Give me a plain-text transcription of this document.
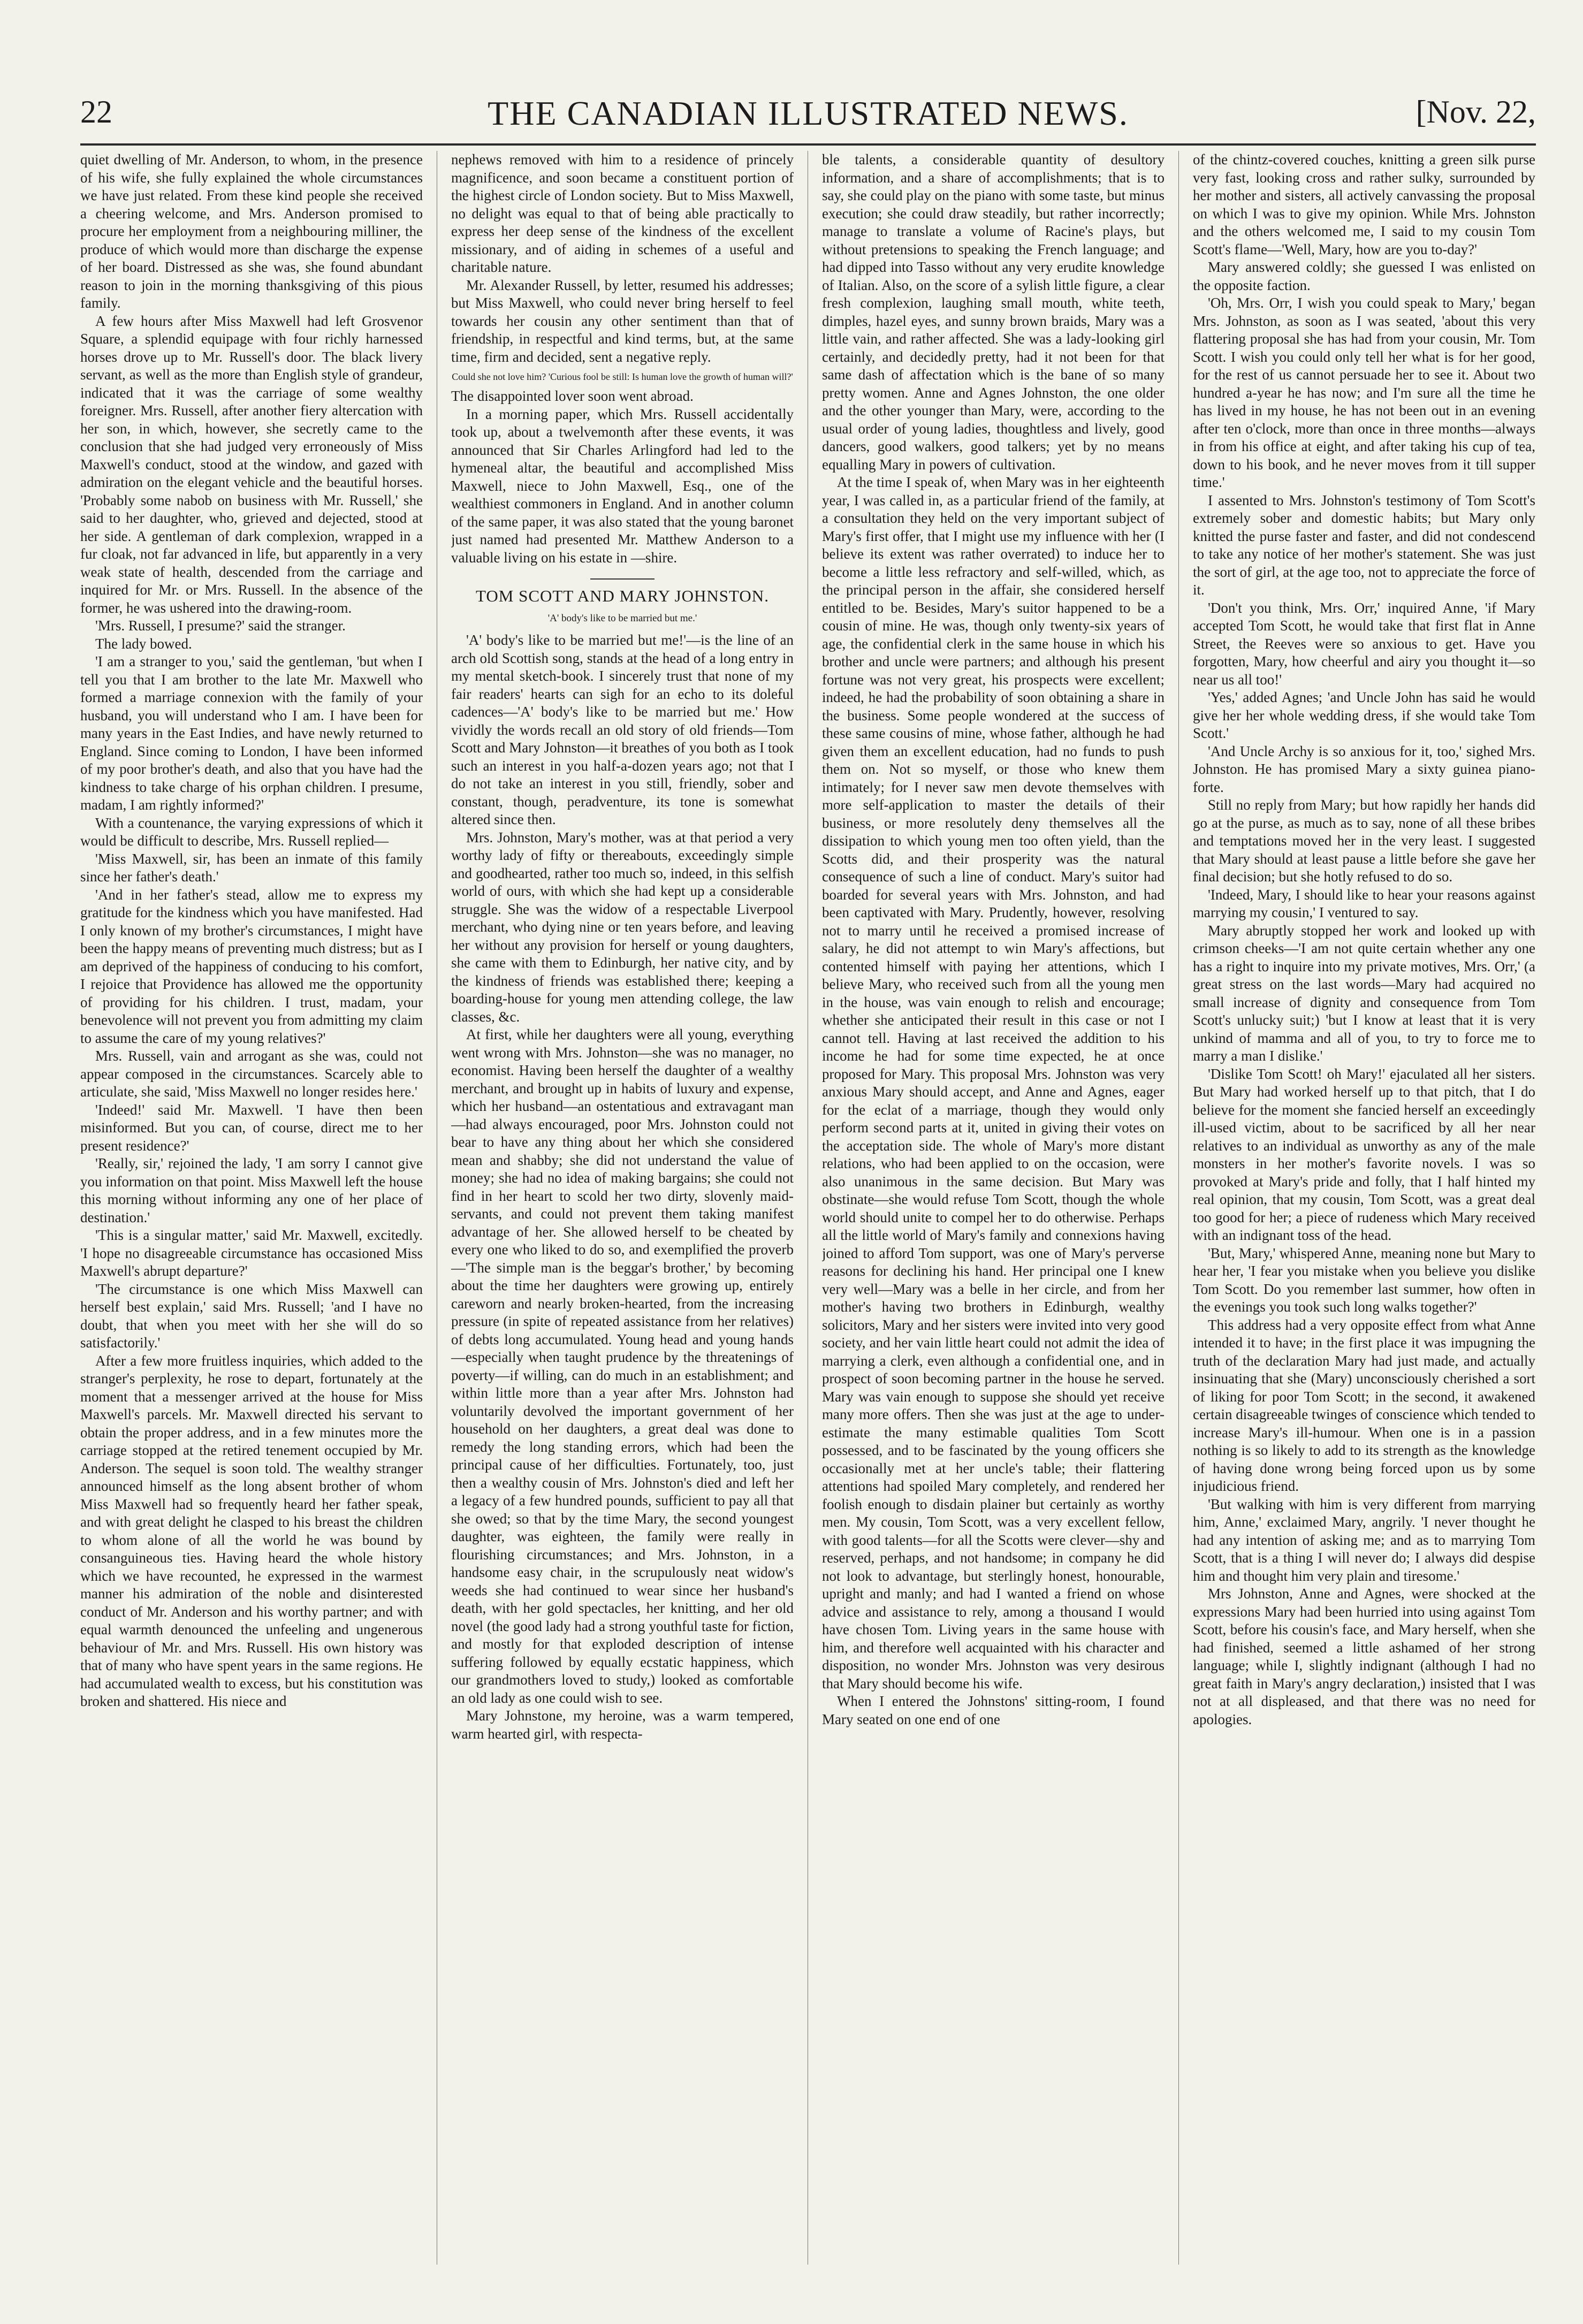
22	THE CANADIAN ILLUSTRATED NEWS.	[Nov. 22,

quiet dwelling of Mr. Anderson, to whom, in the presence of his wife, she fully explained the whole circumstances we have just related. From these kind people she received a cheering welcome, and Mrs. Anderson promised to procure her employment from a neighbouring milliner, the produce of which would more than discharge the expense of her board. Distressed as she was, she found abundant reason to join in the morning thanksgiving of this pious family.

A few hours after Miss Maxwell had left Grosvenor Square, a splendid equipage with four richly harnessed horses drove up to Mr. Russell's door. The black livery servant, as well as the more than English style of grandeur, indicated that it was the carriage of some wealthy foreigner. Mrs. Russell, after another fiery altercation with her son, in which, however, she secretly came to the conclusion that she had judged very erroneously of Miss Maxwell's conduct, stood at the window, and gazed with admiration on the elegant vehicle and the beautiful horses. 'Probably some nabob on business with Mr. Russell,' she said to her daughter, who, grieved and dejected, stood at her side. A gentleman of dark complexion, wrapped in a fur cloak, not far advanced in life, but apparently in a very weak state of health, descended from the carriage and inquired for Mr. or Mrs. Russell. In the absence of the former, he was ushered into the drawing-room.

'Mrs. Russell, I presume?' said the stranger.

The lady bowed.

'I am a stranger to you,' said the gentleman, 'but when I tell you that I am brother to the late Mr. Maxwell who formed a marriage connexion with the family of your husband, you will understand who I am. I have been for many years in the East Indies, and have newly returned to England. Since coming to London, I have been informed of my poor brother's death, and also that you have had the kindness to take charge of his orphan children. I presume, madam, I am rightly informed?'

With a countenance, the varying expressions of which it would be difficult to describe, Mrs. Russell replied—

'Miss Maxwell, sir, has been an inmate of this family since her father's death.'

'And in her father's stead, allow me to express my gratitude for the kindness which you have manifested. Had I only known of my brother's circumstances, I might have been the happy means of preventing much distress; but as I am deprived of the happiness of conducing to his comfort, I rejoice that Providence has allowed me the opportunity of providing for his children. I trust, madam, your benevolence will not prevent you from admitting my claim to assume the care of my young relatives?'

Mrs. Russell, vain and arrogant as she was, could not appear composed in the circumstances. Scarcely able to articulate, she said, 'Miss Maxwell no longer resides here.'

'Indeed!' said Mr. Maxwell. 'I have then been misinformed. But you can, of course, direct me to her present residence?'

'Really, sir,' rejoined the lady, 'I am sorry I cannot give you information on that point. Miss Maxwell left the house this morning without informing any one of her place of destination.'

'This is a singular matter,' said Mr. Maxwell, excitedly. 'I hope no disagreeable circumstance has occasioned Miss Maxwell's abrupt departure?'

'The circumstance is one which Miss Maxwell can herself best explain,' said Mrs. Russell; 'and I have no doubt, that when you meet with her she will do so satisfactorily.'

After a few more fruitless inquiries, which added to the stranger's perplexity, he rose to depart, fortunately at the moment that a messenger arrived at the house for Miss Maxwell's parcels. Mr. Maxwell directed his servant to obtain the proper address, and in a few minutes more the carriage stopped at the retired tenement occupied by Mr. Anderson. The sequel is soon told. The wealthy stranger announced himself as the long absent brother of whom Miss Maxwell had so frequently heard her father speak, and with great delight he clasped to his breast the children to whom alone of all the world he was bound by consanguineous ties. Having heard the whole history which we have recounted, he expressed in the warmest manner his admiration of the noble and disinterested conduct of Mr. Anderson and his worthy partner; and with equal warmth denounced the unfeeling and ungenerous behaviour of Mr. and Mrs. Russell. His own history was that of many who have spent years in the same regions. He had accumulated wealth to excess, but his constitution was broken and shattered. His niece and

nephews removed with him to a residence of princely magnificence, and soon became a constituent portion of the highest circle of London society. But to Miss Maxwell, no delight was equal to that of being able practically to express her deep sense of the kindness of the excellent missionary, and of aiding in schemes of a useful and charitable nature.

Mr. Alexander Russell, by letter, resumed his addresses; but Miss Maxwell, who could never bring herself to feel towards her cousin any other sentiment than that of friendship, in respectful and kind terms, but, at the same time, firm and decided, sent a negative reply.

Could she not love him? 'Curious fool be still: Is human love the growth of human will?'

The disappointed lover soon went abroad.

In a morning paper, which Mrs. Russell accidentally took up, about a twelvemonth after these events, it was announced that Sir Charles Arlingford had led to the hymeneal altar, the beautiful and accomplished Miss Maxwell, niece to John Maxwell, Esq., one of the wealthiest commoners in England. And in another column of the same paper, it was also stated that the young baronet just named had presented Mr. Matthew Anderson to a valuable living on his estate in —shire.

TOM SCOTT AND MARY JOHNSTON.

'A' body's like to be married but me.'

'A' body's like to be married but me!'—is the line of an arch old Scottish song, stands at the head of a long entry in my mental sketch-book. I sincerely trust that none of my fair readers' hearts can sigh for an echo to its doleful cadences—'A' body's like to be married but me.' How vividly the words recall an old story of old friends—Tom Scott and Mary Johnston—it breathes of you both as I took such an interest in you half-a-dozen years ago; not that I do not take an interest in you still, friendly, sober and constant, though, peradventure, its tone is somewhat altered since then.

Mrs. Johnston, Mary's mother, was at that period a very worthy lady of fifty or thereabouts, exceedingly simple and goodhearted, rather too much so, indeed, in this selfish world of ours, with which she had kept up a considerable struggle. She was the widow of a respectable Liverpool merchant, who dying nine or ten years before, and leaving her without any provision for herself or young daughters, she came with them to Edinburgh, her native city, and by the kindness of friends was established there; keeping a boarding-house for young men attending college, the law classes, &c.

At first, while her daughters were all young, everything went wrong with Mrs. Johnston—she was no manager, no economist. Having been herself the daughter of a wealthy merchant, and brought up in habits of luxury and expense, which her husband—an ostentatious and extravagant man—had always encouraged, poor Mrs. Johnston could not bear to have any thing about her which she considered mean and shabby; she did not understand the value of money; she had no idea of making bargains; she could not find in her heart to scold her two dirty, slovenly maid-servants, and could not prevent them taking manifest advantage of her. She allowed herself to be cheated by every one who liked to do so, and exemplified the proverb—'The simple man is the beggar's brother,' by becoming about the time her daughters were growing up, entirely careworn and nearly broken-hearted, from the increasing pressure (in spite of repeated assistance from her relatives) of debts long accumulated. Young head and young hands —especially when taught prudence by the threatenings of poverty—if willing, can do much in an establishment; and within little more than a year after Mrs. Johnston had voluntarily devolved the important government of her household on her daughters, a great deal was done to remedy the long standing errors, which had been the principal cause of her difficulties. Fortunately, too, just then a wealthy cousin of Mrs. Johnston's died and left her a legacy of a few hundred pounds, sufficient to pay all that she owed; so that by the time Mary, the second youngest daughter, was eighteen, the family were really in flourishing circumstances; and Mrs. Johnston, in a handsome easy chair, in the scrupulously neat widow's weeds she had continued to wear since her husband's death, with her gold spectacles, her knitting, and her old novel (the good lady had a strong youthful taste for fiction, and mostly for that exploded description of intense suffering followed by equally ecstatic happiness, which our grandmothers loved to study,) looked as comfortable an old lady as one could wish to see.

Mary Johnstone, my heroine, was a warm tempered, warm hearted girl, with respecta-

ble talents, a considerable quantity of desultory information, and a share of accomplishments; that is to say, she could play on the piano with some taste, but minus execution; she could draw steadily, but rather incorrectly; manage to translate a volume of Racine's plays, but without pretensions to speaking the French language; and had dipped into Tasso without any very erudite knowledge of Italian. Also, on the score of a sylish little figure, a clear fresh complexion, laughing small mouth, white teeth, dimples, hazel eyes, and sunny brown braids, Mary was a little vain, and rather affected. She was a lady-looking girl certainly, and decidedly pretty, had it not been for that same dash of affectation which is the bane of so many pretty women. Anne and Agnes Johnston, the one older and the other younger than Mary, were, according to the usual order of young ladies, thoughtless and lively, good dancers, good walkers, good talkers; yet by no means equalling Mary in powers of cultivation.

At the time I speak of, when Mary was in her eighteenth year, I was called in, as a particular friend of the family, at a consultation they held on the very important subject of Mary's first offer, that I might use my influence with her (I believe its extent was rather overrated) to induce her to become a little less refractory and self-willed, which, as the principal person in the affair, she considered herself entitled to be. Besides, Mary's suitor happened to be a cousin of mine. He was, though only twenty-six years of age, the confidential clerk in the same house in which his brother and uncle were partners; and although his present fortune was not very great, his prospects were excellent; indeed, he had the probability of soon obtaining a share in the business. Some people wondered at the success of these same cousins of mine, whose father, although he had given them an excellent education, had no funds to push them on. Not so myself, or those who knew them intimately; for I never saw men devote themselves with more self-application to master the details of their business, or more resolutely deny themselves all the dissipation to which young men too often yield, than the Scotts did, and their prosperity was the natural consequence of such a line of conduct. Mary's suitor had boarded for several years with Mrs. Johnston, and had been captivated with Mary. Prudently, however, resolving not to marry until he received a promised increase of salary, he did not attempt to win Mary's affections, but contented himself with paying her attentions, which I believe Mary, who received such from all the young men in the house, was vain enough to relish and encourage; whether she anticipated their result in this case or not I cannot tell. Having at last received the addition to his income he had for some time expected, he at once proposed for Mary. This proposal Mrs. Johnston was very anxious Mary should accept, and Anne and Agnes, eager for the eclat of a marriage, though they would only perform second parts at it, united in giving their votes on the acceptation side. The whole of Mary's more distant relations, who had been applied to on the occasion, were also unanimous in the same decision. But Mary was obstinate—she would refuse Tom Scott, though the whole world should unite to compel her to do otherwise. Perhaps all the little world of Mary's family and connexions having joined to afford Tom support, was one of Mary's perverse reasons for declining his hand. Her principal one I knew very well—Mary was a belle in her circle, and from her mother's having two brothers in Edinburgh, wealthy solicitors, Mary and her sisters were invited into very good society, and her vain little heart could not admit the idea of marrying a clerk, even although a confidential one, and in prospect of soon becoming partner in the house he served. Mary was vain enough to suppose she should yet receive many more offers. Then she was just at the age to under-estimate the many estimable qualities Tom Scott possessed, and to be fascinated by the young officers she occasionally met at her uncle's table; their flattering attentions had spoiled Mary completely, and rendered her foolish enough to disdain plainer but certainly as worthy men. My cousin, Tom Scott, was a very excellent fellow, with good talents—for all the Scotts were clever—shy and reserved, perhaps, and not handsome; in company he did not look to advantage, but sterlingly honest, honourable, upright and manly; and had I wanted a friend on whose advice and assistance to rely, among a thousand I would have chosen Tom. Living years in the same house with him, and therefore well acquainted with his character and disposition, no wonder Mrs. Johnston was very desirous that Mary should become his wife.

When I entered the Johnstons' sitting-room, I found Mary seated on one end of one

of the chintz-covered couches, knitting a green silk purse very fast, looking cross and rather sulky, surrounded by her mother and sisters, all actively canvassing the proposal on which I was to give my opinion. While Mrs. Johnston and the others welcomed me, I said to my cousin Tom Scott's flame—'Well, Mary, how are you to-day?'

Mary answered coldly; she guessed I was enlisted on the opposite faction.

'Oh, Mrs. Orr, I wish you could speak to Mary,' began Mrs. Johnston, as soon as I was seated, 'about this very flattering proposal she has had from your cousin, Mr. Tom Scott. I wish you could only tell her what is for her good, for the rest of us cannot persuade her to see it. About two hundred a-year he has now; and I'm sure all the time he has lived in my house, he has not been out in an evening after ten o'clock, more than once in three months—always in from his office at eight, and after taking his cup of tea, down to his book, and he never moves from it till supper time.'

I assented to Mrs. Johnston's testimony of Tom Scott's extremely sober and domestic habits; but Mary only knitted the purse faster and faster, and did not condescend to take any notice of her mother's statement. She was just the sort of girl, at the age too, not to appreciate the force of it.

'Don't you think, Mrs. Orr,' inquired Anne, 'if Mary accepted Tom Scott, he would take that first flat in Anne Street, the Reeves were so anxious to get. Have you forgotten, Mary, how cheerful and airy you thought it—so near us all too!'

'Yes,' added Agnes; 'and Uncle John has said he would give her her whole wedding dress, if she would take Tom Scott.'

'And Uncle Archy is so anxious for it, too,' sighed Mrs. Johnston. He has promised Mary a sixty guinea piano-forte.

Still no reply from Mary; but how rapidly her hands did go at the purse, as much as to say, none of all these bribes and temptations moved her in the very least. I suggested that Mary should at least pause a little before she gave her final decision; but she hotly refused to do so.

'Indeed, Mary, I should like to hear your reasons against marrying my cousin,' I ventured to say.

Mary abruptly stopped her work and looked up with crimson cheeks—'I am not quite certain whether any one has a right to inquire into my private motives, Mrs. Orr,' (a great stress on the last words—Mary had acquired no small increase of dignity and consequence from Tom Scott's unlucky suit;) 'but I know at least that it is very unkind of mamma and all of you, to try to force me to marry a man I dislike.'

'Dislike Tom Scott! oh Mary!' ejaculated all her sisters. But Mary had worked herself up to that pitch, that I do believe for the moment she fancied herself an exceedingly ill-used victim, about to be sacrificed by all her near relatives to an individual as unworthy as any of the male monsters in her mother's favorite novels. I was so provoked at Mary's pride and folly, that I half hinted my real opinion, that my cousin, Tom Scott, was a great deal too good for her; a piece of rudeness which Mary received with an indignant toss of the head.

'But, Mary,' whispered Anne, meaning none but Mary to hear her, 'I fear you mistake when you believe you dislike Tom Scott. Do you remember last summer, how often in the evenings you took such long walks together?'

This address had a very opposite effect from what Anne intended it to have; in the first place it was impugning the truth of the declaration Mary had just made, and actually insinuating that she (Mary) unconsciously cherished a sort of liking for poor Tom Scott; in the second, it awakened certain disagreeable twinges of conscience which tended to increase Mary's ill-humour. When one is in a passion nothing is so likely to add to its strength as the knowledge of having done wrong being forced upon us by some injudicious friend.

'But walking with him is very different from marrying him, Anne,' exclaimed Mary, angrily. 'I never thought he had any intention of asking me; and as to marrying Tom Scott, that is a thing I will never do; I always did despise him and thought him very plain and tiresome.'

Mrs Johnston, Anne and Agnes, were shocked at the expressions Mary had been hurried into using against Tom Scott, before his cousin's face, and Mary herself, when she had finished, seemed a little ashamed of her strong language; while I, slightly indignant (although I had no great faith in Mary's angry declaration,) insisted that I was not at all displeased, and that there was no need for apologies.
